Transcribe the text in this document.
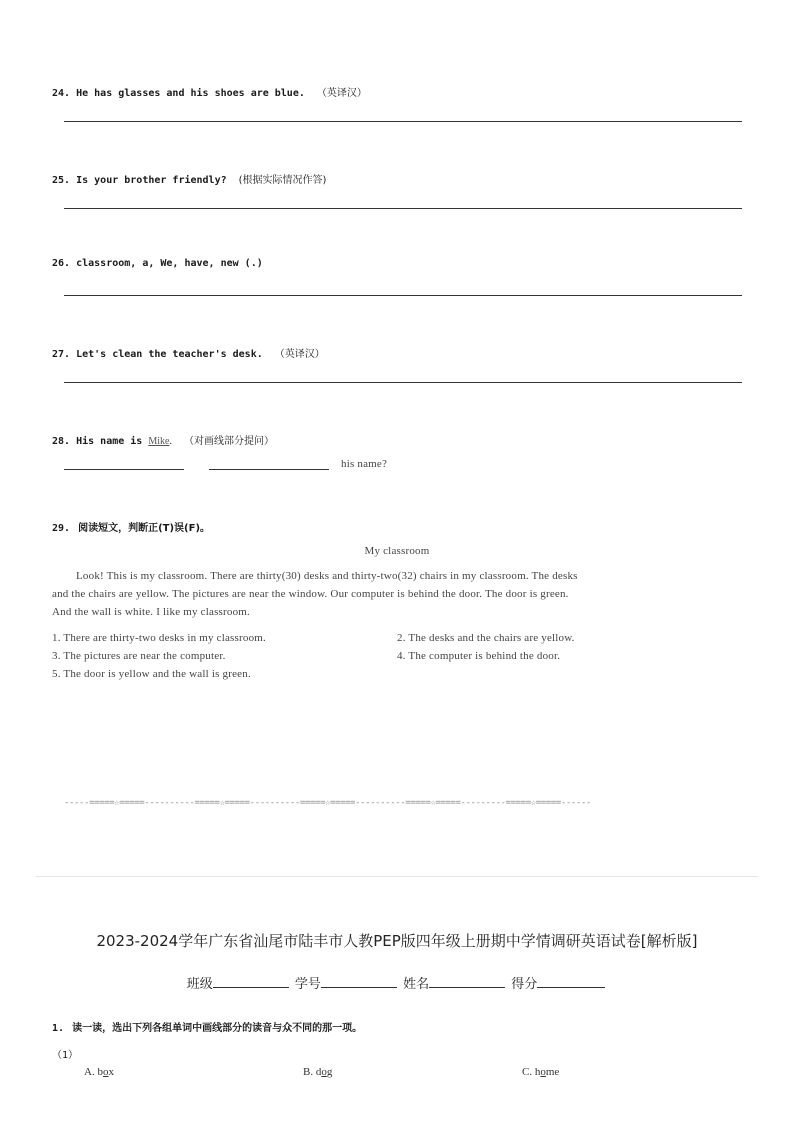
24. He has glasses and his shoes are blue. （英译汉）
25. Is your brother friendly? (根据实际情况作答)
26. classroom, a, We, have, new (.)
27. Let's clean the teacher's desk. （英译汉）
28. His name is Mike. （对画线部分提问）
his name?
29. 阅读短文，判断正(T)误(F)。
My classroom
Look! This is my classroom. There are thirty(30) desks and thirty-two(32) chairs in my classroom. The desks
and the chairs are yellow. The pictures are near the window. Our computer is behind the door. The door is green.
And the wall is white. I like my classroom.
1. There are thirty-two desks in my classroom.	2. The desks and the chairs are yellow.
3. The pictures are near the computer.	4. The computer is behind the door.
5. The door is yellow and the wall is green.
-----=====☆=====----------=====☆=====----------=====☆=====----------=====☆=====---------=====☆=====------
2023-2024学年广东省汕尾市陆丰市人教PEP版四年级上册期中学情调研英语试卷[解析版]
班级	学号	姓名	得分
1. 读一读，选出下列各组单词中画线部分的读音与众不同的那一项。
（1）
A. box	B. dog	C. home
